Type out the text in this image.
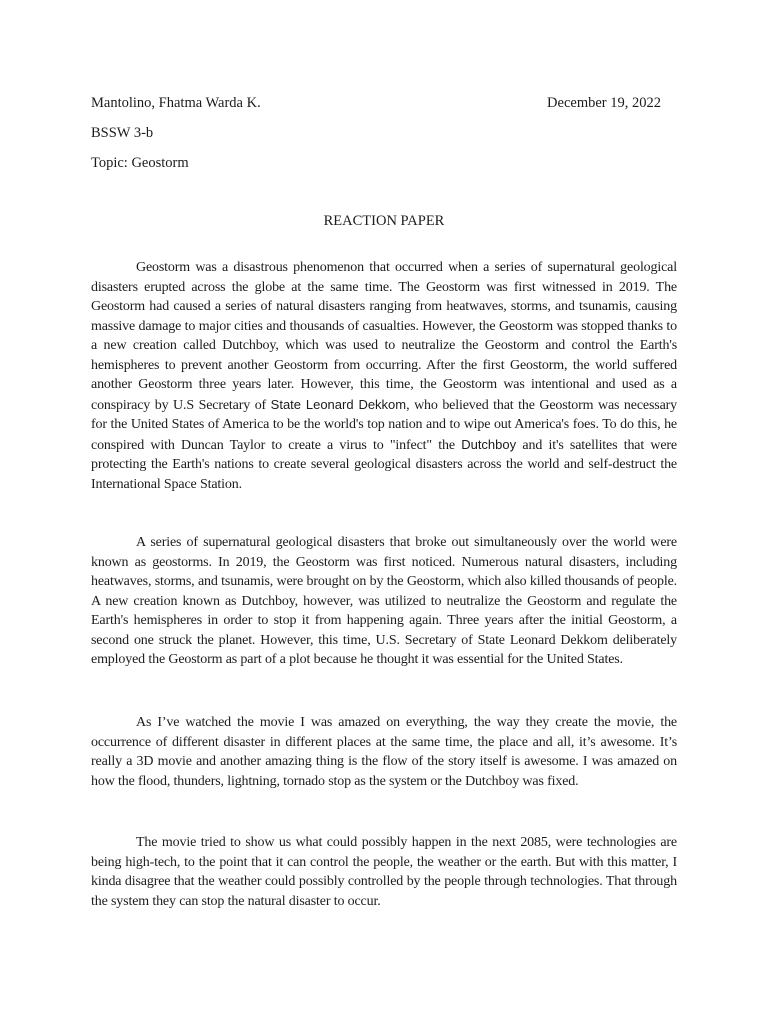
Mantolino, Fhatma Warda K.	December 19, 2022
BSSW 3-b
Topic: Geostorm
REACTION PAPER

Geostorm was a disastrous phenomenon that occurred when a series of supernatural geological disasters erupted across the globe at the same time. The Geostorm was first witnessed in 2019. The Geostorm had caused a series of natural disasters ranging from heatwaves, storms, and tsunamis, causing massive damage to major cities and thousands of casualties. However, the Geostorm was stopped thanks to a new creation called Dutchboy, which was used to neutralize the Geostorm and control the Earth's hemispheres to prevent another Geostorm from occurring. After the first Geostorm, the world suffered another Geostorm three years later. However, this time, the Geostorm was intentional and used as a conspiracy by U.S Secretary of State Leonard Dekkom, who believed that the Geostorm was necessary for the United States of America to be the world's top nation and to wipe out America's foes. To do this, he conspired with Duncan Taylor to create a virus to "infect" the Dutchboy and it's satellites that were protecting the Earth's nations to create several geological disasters across the world and self-destruct the International Space Station.

A series of supernatural geological disasters that broke out simultaneously over the world were known as geostorms. In 2019, the Geostorm was first noticed. Numerous natural disasters, including heatwaves, storms, and tsunamis, were brought on by the Geostorm, which also killed thousands of people. A new creation known as Dutchboy, however, was utilized to neutralize the Geostorm and regulate the Earth's hemispheres in order to stop it from happening again. Three years after the initial Geostorm, a second one struck the planet. However, this time, U.S. Secretary of State Leonard Dekkom deliberately employed the Geostorm as part of a plot because he thought it was essential for the United States.

As I’ve watched the movie I was amazed on everything, the way they create the movie, the occurrence of different disaster in different places at the same time, the place and all, it’s awesome. It’s really a 3D movie and another amazing thing is the flow of the story itself is awesome. I was amazed on how the flood, thunders, lightning, tornado stop as the system or the Dutchboy was fixed.

The movie tried to show us what could possibly happen in the next 2085, were technologies are being high-tech, to the point that it can control the people, the weather or the earth. But with this matter, I kinda disagree that the weather could possibly controlled by the people through technologies. That through the system they can stop the natural disaster to occur.
